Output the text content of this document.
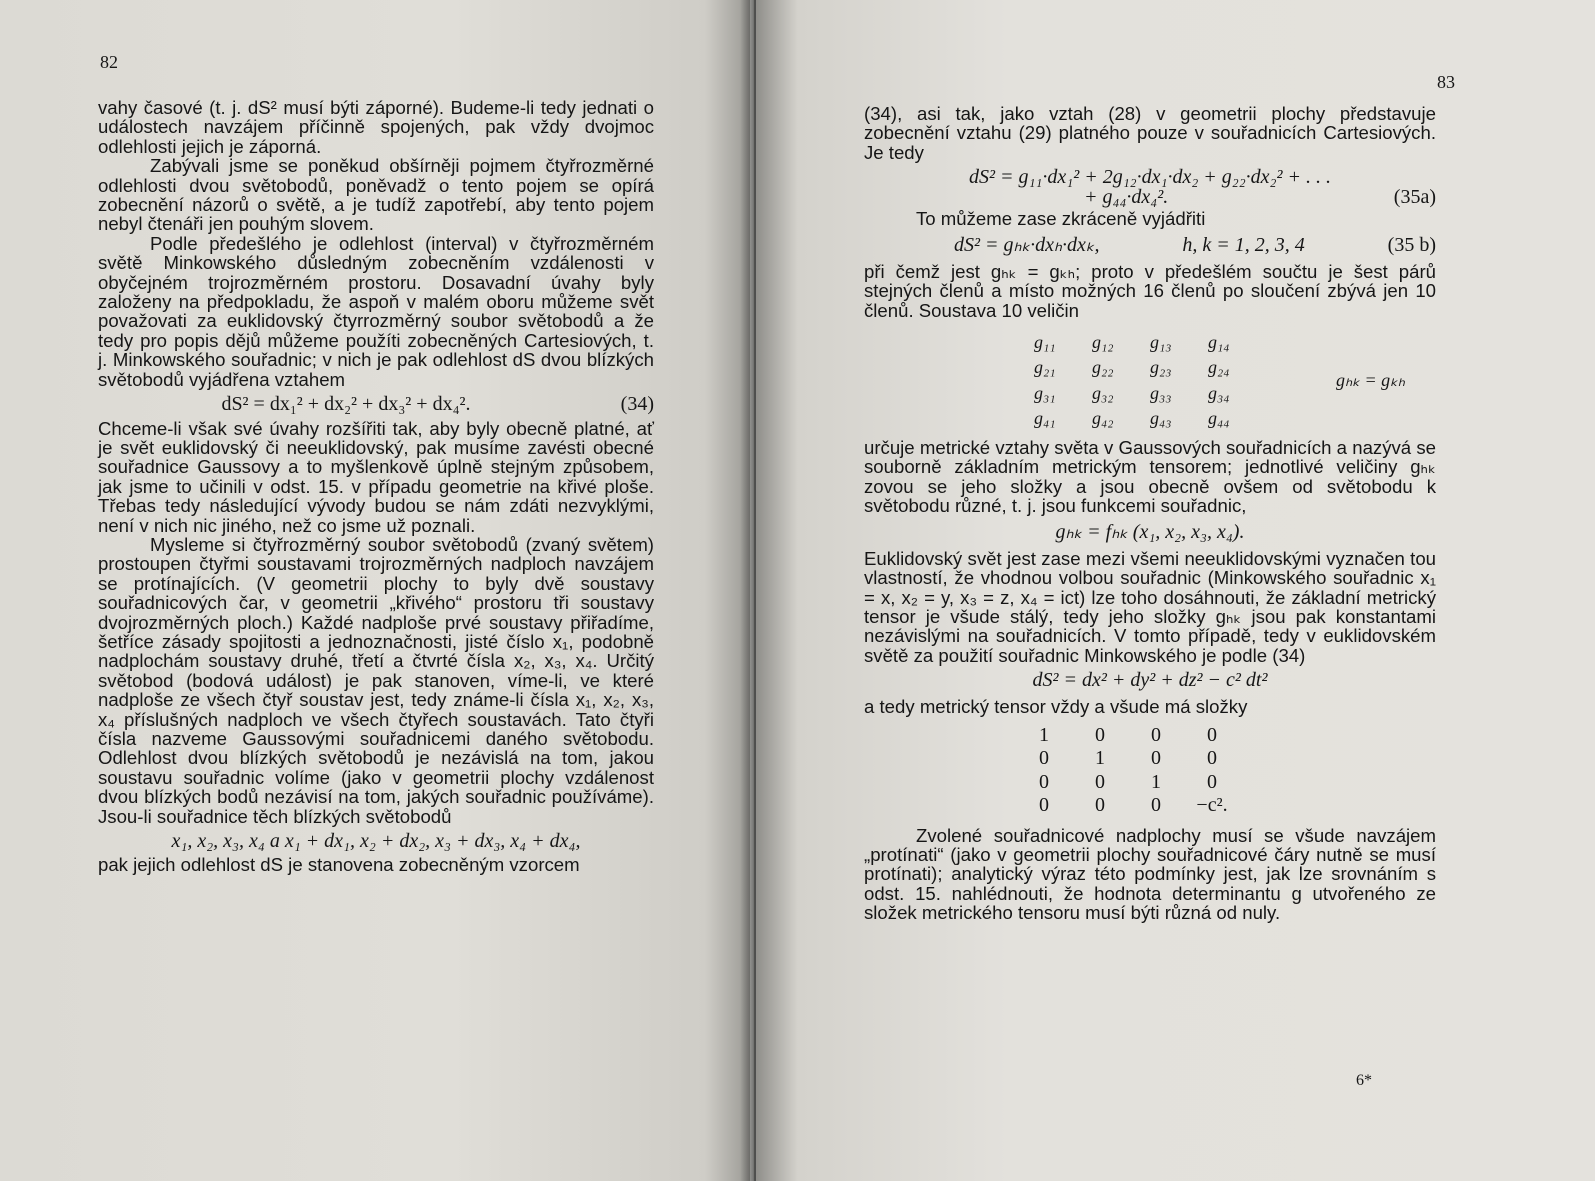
82

vahy časové (t. j. dS² musí býti záporné). Budeme-li tedy jednati o událostech navzájem příčinně spojených, pak vždy dvojmoc odlehlosti jejich je záporná.

Zabývali jsme se poněkud obšírněji pojmem čtyřrozměrné odlehlosti dvou světobodů, poněvadž o tento pojem se opírá zobecnění názorů o světě, a je tudíž zapotřebí, aby tento pojem nebyl čtenáři jen pouhým slovem.

Podle předešlého je odlehlost (interval) v čtyřrozměrném světě Minkowského důsledným zobecněním vzdálenosti v obyčejném trojrozměrném prostoru. Dosavadní úvahy byly založeny na předpokladu, že aspoň v malém oboru můžeme svět považovati za euklidovský čtyrrozměrný soubor světobodů a že tedy pro popis dějů můžeme použíti zobecněných Cartesiových, t. j. Minkowského souřadnic; v nich je pak odlehlost dS dvou blízkých světobodů vyjádřena vztahem

dS² = dx₁² + dx₂² + dx₃² + dx₄².	(34)

Chceme-li však své úvahy rozšířiti tak, aby byly obecně platné, ať je svět euklidovský či neeuklidovský, pak musíme zavésti obecné souřadnice Gaussovy a to myšlenkově úplně stejným způsobem, jak jsme to učinili v odst. 15. v případu geometrie na křivé ploše. Třebas tedy následující vývody budou se nám zdáti nezvyklými, není v nich nic jiného, než co jsme už poznali.

Mysleme si čtyřrozměrný soubor světobodů (zvaný světem) prostoupen čtyřmi soustavami trojrozměrných nadploch navzájem se protínajících. (V geometrii plochy to byly dvě soustavy souřadnicových čar, v geometrii „křivého“ prostoru tři soustavy dvojrozměrných ploch.) Každé nadploše prvé soustavy přiřadíme, šetříce zásady spojitosti a jednoznačnosti, jisté číslo x₁, podobně nadplochám soustavy druhé, třetí a čtvrté čísla x₂, x₃, x₄. Určitý světobod (bodová událost) je pak stanoven, víme-li, ve které nadploše ze všech čtyř soustav jest, tedy známe-li čísla x₁, x₂, x₃, x₄ příslušných nadploch ve všech čtyřech soustavách. Tato čtyři čísla nazveme Gaussovými souřadnicemi daného světobodu. Odlehlost dvou blízkých světobodů je nezávislá na tom, jakou soustavu souřadnic volíme (jako v geometrii plochy vzdálenost dvou blízkých bodů nezávisí na tom, jakých souřadnic používáme). Jsou-li souřadnice těch blízkých světobodů

x₁, x₂, x₃, x₄ a x₁ + dx₁, x₂ + dx₂, x₃ + dx₃, x₄ + dx₄,

pak jejich odlehlost dS je stanovena zobecněným vzorcem

83

(34), asi tak, jako vztah (28) v geometrii plochy představuje zobecnění vztahu (29) platného pouze v souřadnicích Cartesiových. Je tedy

dS² = g₁₁·dx₁² + 2g₁₂·dx₁·dx₂ + g₂₂·dx₂² + . . .
+ g₄₄·dx₄².	(35a)

To můžeme zase zkráceně vyjádřiti

dS² = gₕₖ·dxₕ·dxₖ,	h, k = 1, 2, 3, 4	(35 b)

při čemž jest gₕₖ = gₖₕ; proto v předešlém součtu je šest párů stejných členů a místo možných 16 členů po sloučení zbývá jen 10 členů. Soustava 10 veličin

g₁₁	g₁₂	g₁₃	g₁₄
g₂₁	g₂₂	g₂₃	g₂₄
g₃₁	g₃₂	g₃₃	g₃₄
g₄₁	g₄₂	g₄₃	g₄₄
gₕₖ = gₖₕ

určuje metrické vztahy světa v Gaussových souřadnicích a nazývá se souborně základním metrickým tensorem; jednotlivé veličiny gₕₖ zovou se jeho složky a jsou obecně ovšem od světobodu k světobodu různé, t. j. jsou funkcemi souřadnic,

gₕₖ = fₕₖ (x₁, x₂, x₃, x₄).

Euklidovský svět jest zase mezi všemi neeuklidovskými vyznačen tou vlastností, že vhodnou volbou souřadnic (Minkowského souřadnic x₁ = x, x₂ = y, x₃ = z, x₄ = ict) lze toho dosáhnouti, že základní metrický tensor je všude stálý, tedy jeho složky gₕₖ jsou pak konstantami nezávislými na souřadnicích. V tomto případě, tedy v euklidovském světě za použití souřadnic Minkowského je podle (34)

dS² = dx² + dy² + dz² − c² dt²

a tedy metrický tensor vždy a všude má složky

1	0	0	0
0	1	0	0
0	0	1	0
0	0	0	−c².

Zvolené souřadnicové nadplochy musí se všude navzájem „protínati“ (jako v geometrii plochy souřadnicové čáry nutně se musí protínati); analytický výraz této podmínky jest, jak lze srovnáním s odst. 15. nahlédnouti, že hodnota determinantu g utvořeného ze složek metrického tensoru musí býti různá od nuly.

6*
